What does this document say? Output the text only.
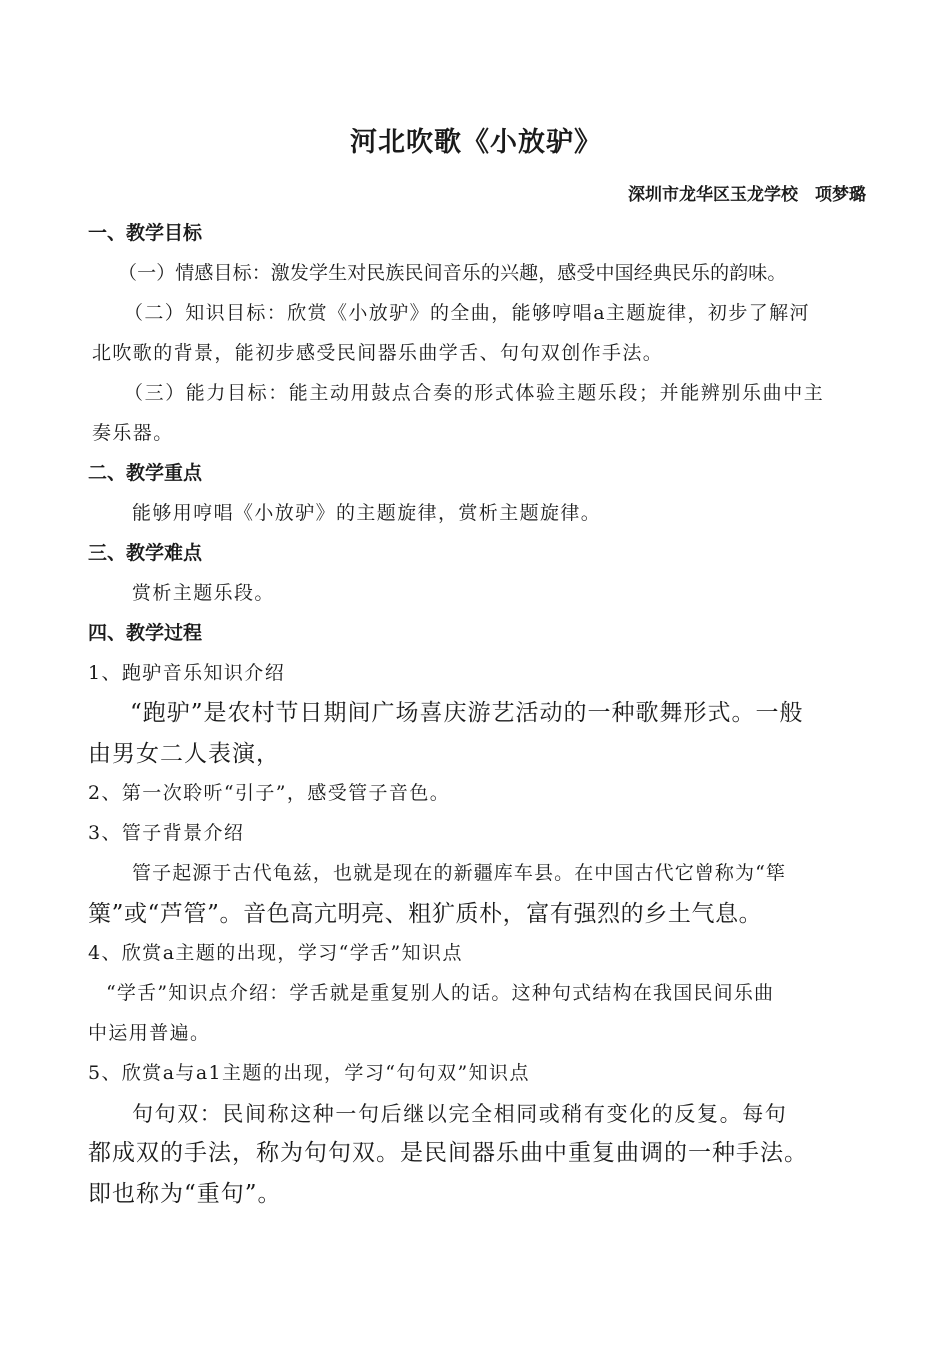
河北吹歌《小放驴》
深圳市龙华区玉龙学校　项梦璐
一、教学目标
（一）情感目标：激发学生对民族民间音乐的兴趣，感受中国经典民乐的韵味。
（二）知识目标：欣赏《小放驴》的全曲，能够哼唱a主题旋律，初步了解河
北吹歌的背景，能初步感受民间器乐曲学舌、句句双创作手法。
（三）能力目标：能主动用鼓点合奏的形式体验主题乐段；并能辨别乐曲中主
奏乐器。
二、教学重点
能够用哼唱《小放驴》的主题旋律，赏析主题旋律。
三、教学难点
赏析主题乐段。
四、教学过程
1、跑驴音乐知识介绍
“跑驴”是农村节日期间广场喜庆游艺活动的一种歌舞形式。一般
由男女二人表演，
2、第一次聆听“引子”，感受管子音色。
3、管子背景介绍
管子起源于古代龟兹，也就是现在的新疆库车县。在中国古代它曾称为“筚
篥”或“芦管”。音色高亢明亮、粗犷质朴，富有强烈的乡土气息。
4、欣赏a主题的出现，学习“学舌”知识点
“学舌”知识点介绍：学舌就是重复别人的话。这种句式结构在我国民间乐曲
中运用普遍。
5、欣赏a与a1主题的出现，学习“句句双”知识点
句句双：民间称这种一句后继以完全相同或稍有变化的反复。每句
都成双的手法，称为句句双。是民间器乐曲中重复曲调的一种手法。
即也称为“重句”。
